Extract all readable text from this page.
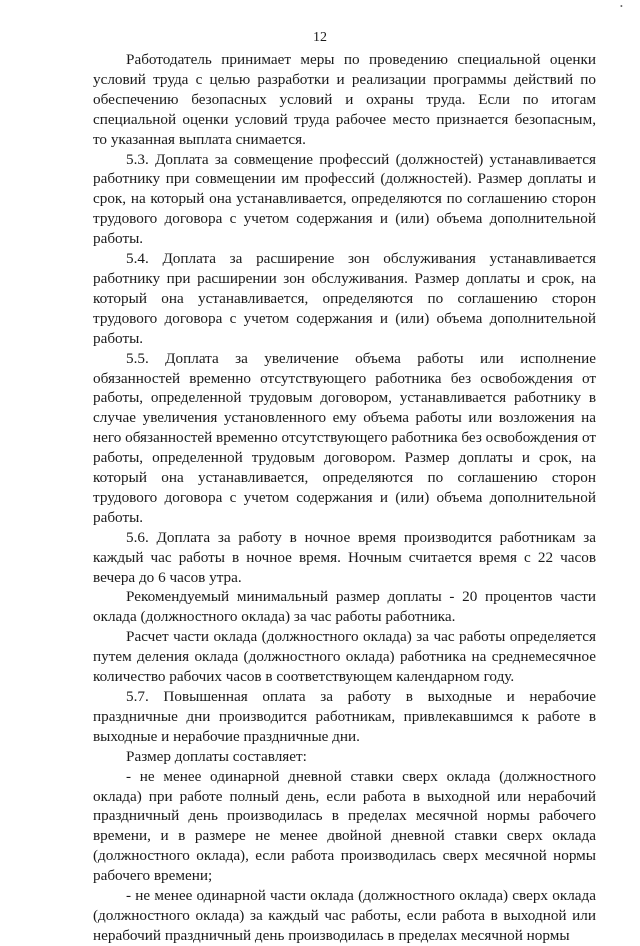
12
•

Работодатель принимает меры по проведению специальной оценки условий труда с целью разработки и реализации программы действий по обеспечению безопасных условий и охраны труда. Если по итогам специальной оценки условий труда рабочее место признается безопасным, то указанная выплата снимается.

5.3. Доплата за совмещение профессий (должностей) устанавливается работнику при совмещении им профессий (должностей). Размер доплаты и срок, на который она устанавливается, определяются по соглашению сторон трудового договора с учетом содержания и (или) объема дополнительной работы.

5.4. Доплата за расширение зон обслуживания устанавливается работнику при расширении зон обслуживания. Размер доплаты и срок, на который она устанавливается, определяются по соглашению сторон трудового договора с учетом содержания и (или) объема дополнительной работы.

5.5. Доплата за увеличение объема работы или исполнение обязанностей временно отсутствующего работника без освобождения от работы, определенной трудовым договором, устанавливается работнику в случае увеличения установленного ему объема работы или возложения на него обязанностей временно отсутствующего работника без освобождения от работы, определенной трудовым договором. Размер доплаты и срок, на который она устанавливается, определяются по соглашению сторон трудового договора с учетом содержания и (или) объема дополнительной работы.

5.6. Доплата за работу в ночное время производится работникам за каждый час работы в ночное время. Ночным считается время с 22 часов вечера до 6 часов утра.

Рекомендуемый минимальный размер доплаты - 20 процентов части оклада (должностного оклада) за час работы работника.

Расчет части оклада (должностного оклада) за час работы определяется путем деления оклада (должностного оклада) работника на среднемесячное количество рабочих часов в соответствующем календарном году.

5.7. Повышенная оплата за работу в выходные и нерабочие праздничные дни производится работникам, привлекавшимся к работе в выходные и нерабочие праздничные дни.

Размер доплаты составляет:

- не менее одинарной дневной ставки сверх оклада (должностного оклада) при работе полный день, если работа в выходной или нерабочий праздничный день производилась в пределах месячной нормы рабочего времени, и в размере не менее двойной дневной ставки сверх оклада (должностного оклада), если работа производилась сверх месячной нормы рабочего времени;

- не менее одинарной части оклада (должностного оклада) сверх оклада (должностного оклада) за каждый час работы, если работа в выходной или нерабочий праздничный день производилась в пределах месячной нормы
